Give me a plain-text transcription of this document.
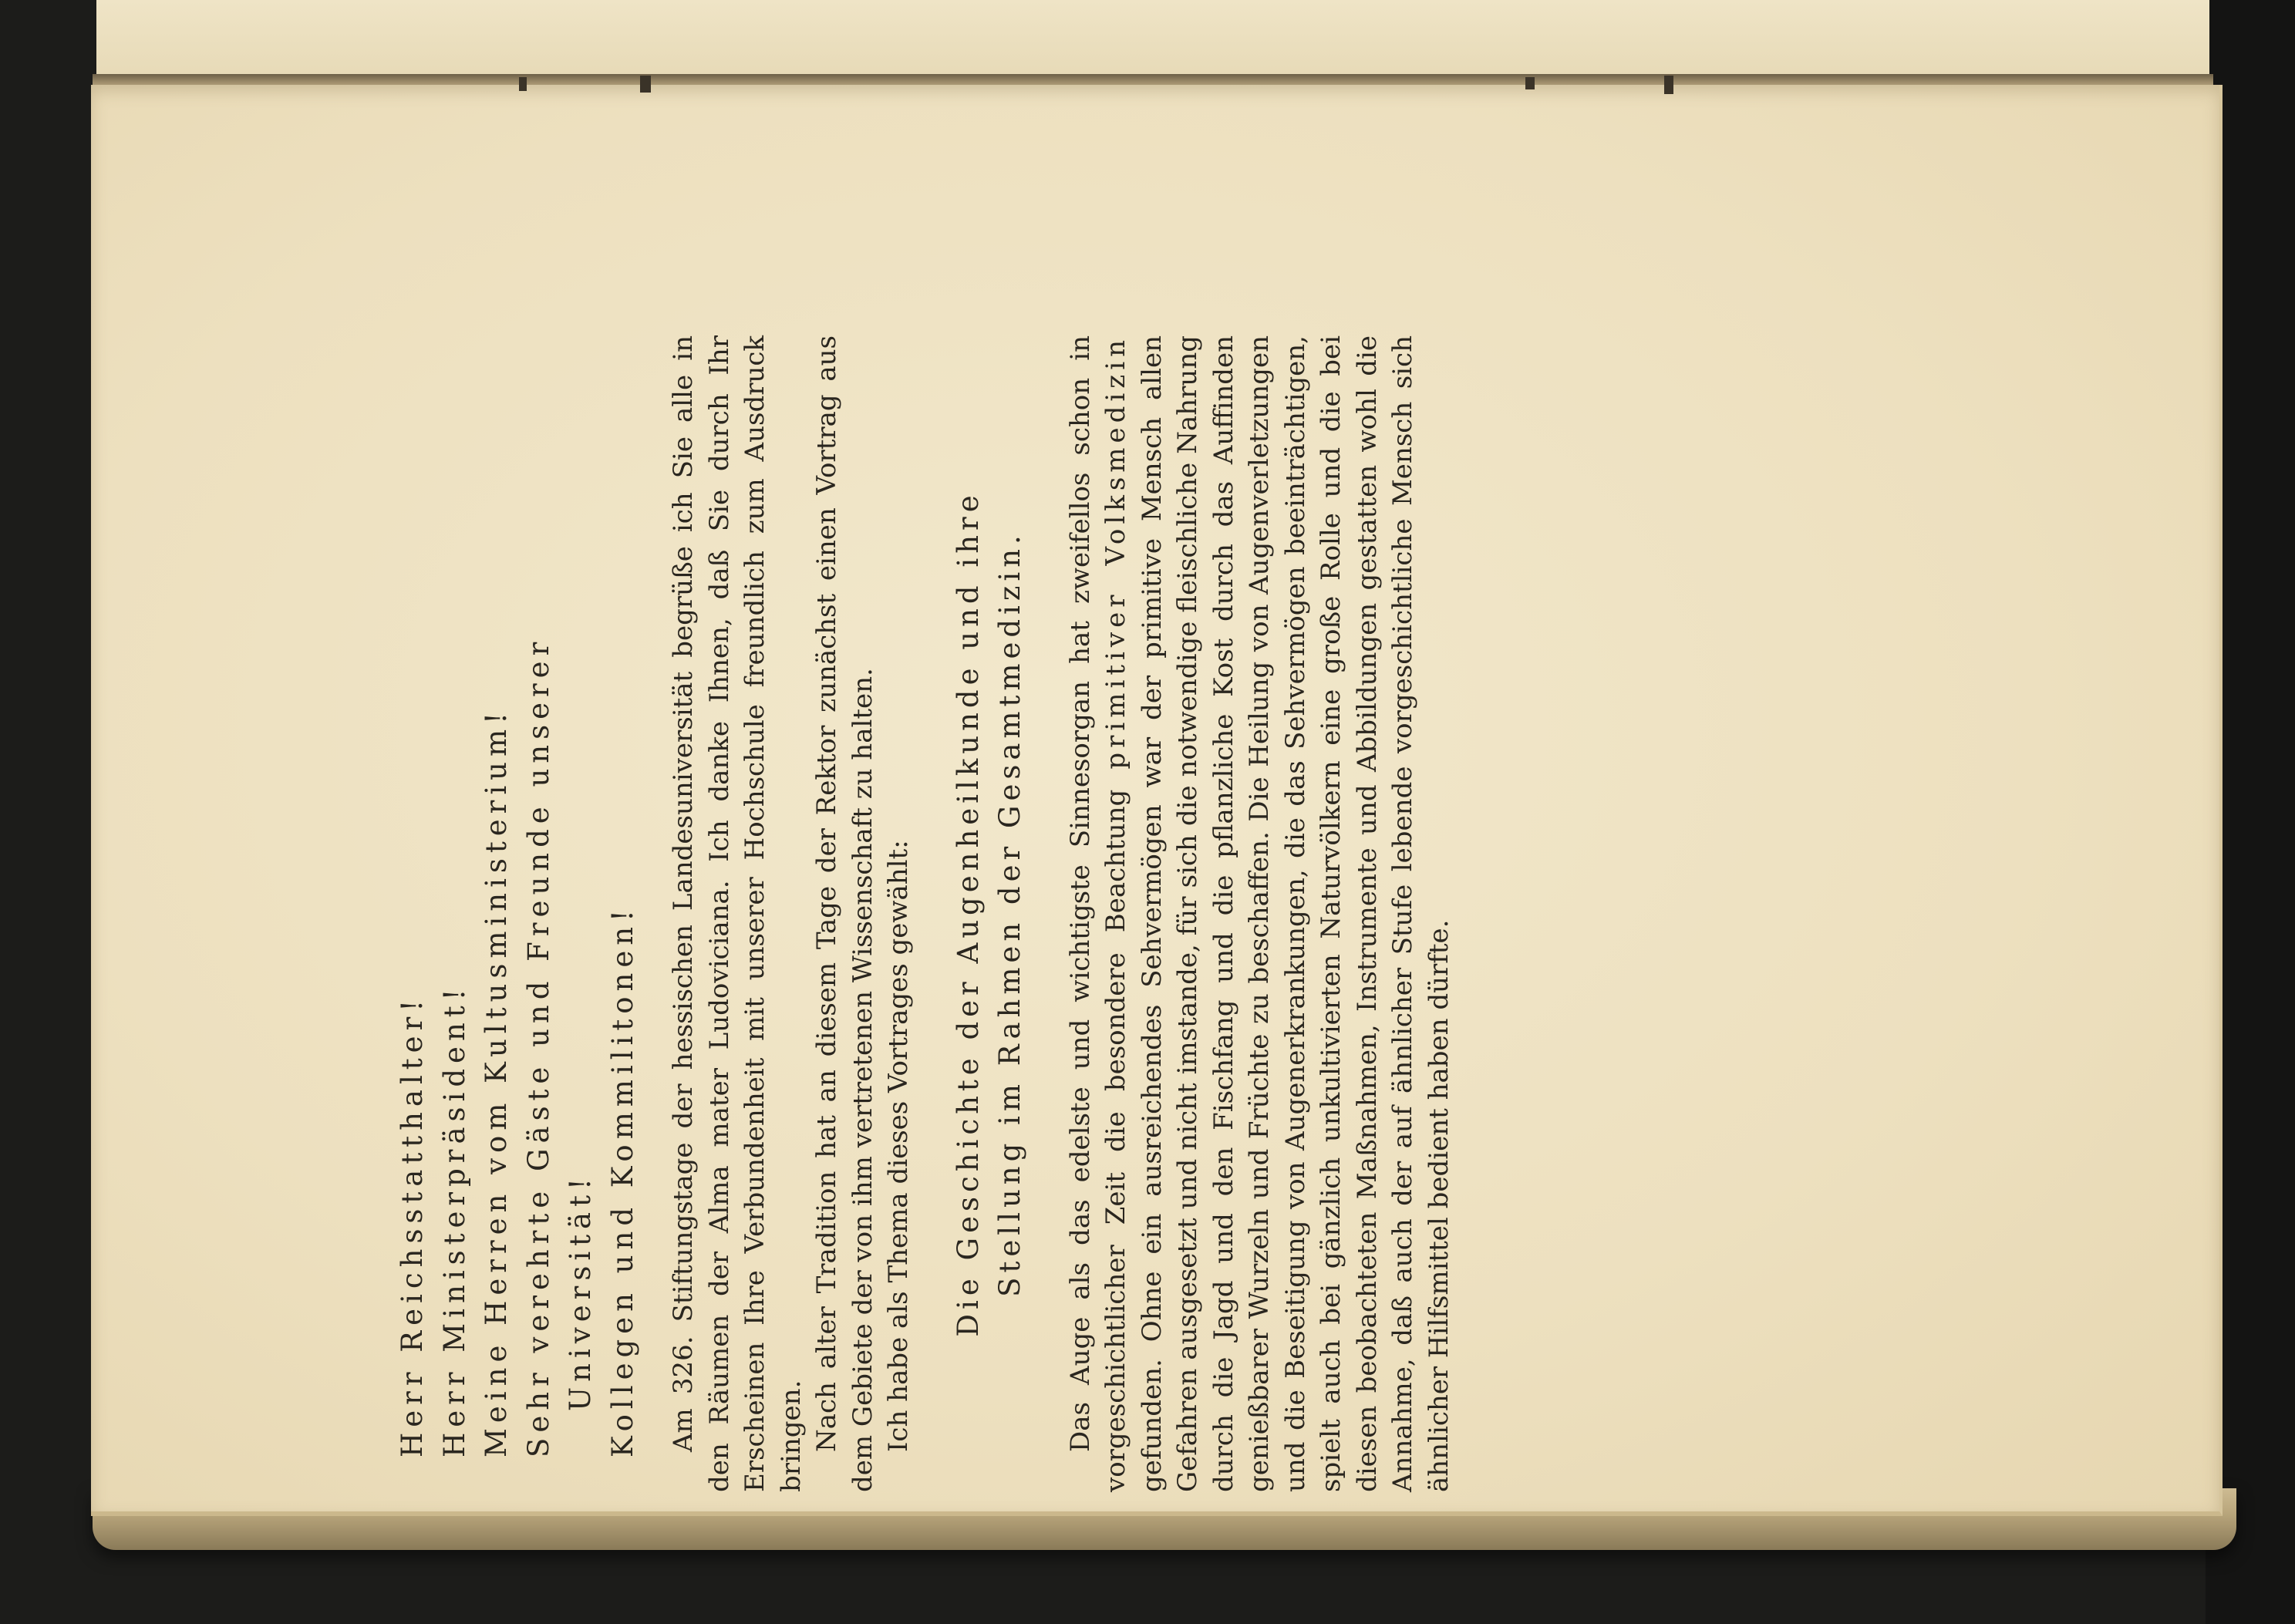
Herr Reichsstatthalter! Herr Ministerpräsident! Meine Herren vom Kultusministerium! Sehr verehrte Gäste und Freunde unserer Universität! Kollegen und Kommilitonen! Am 326. Stiftungstage der hessischen Landesuniversität begrüße ich Sie alle in den Räumen der Alma mater Ludoviciana. Ich danke Ihnen, daß Sie durch Ihr Erscheinen Ihre Verbundenheit mit unserer Hochschule freundlich zum Ausdruck bringen. Nach alter Tradition hat an diesem Tage der Rektor zunächst einen Vortrag aus dem Gebiete der von ihm vertretenen Wissenschaft zu halten. Ich habe als Thema dieses Vortrages gewählt: Die Geschichte der Augenheilkunde und ihre Stellung im Rahmen der Gesamtmedizin. Das Auge als das edelste und wichtigste Sinnesorgan hat zweifellos schon in vorgeschichtlicher Zeit die besondere Beachtung primitiver Volksmedizin gefunden. Ohne ein ausreichendes Sehvermögen war der primitive Mensch allen Gefahren ausgesetzt und nicht imstande, für sich die notwendige fleischliche Nahrung durch die Jagd und den Fischfang und die pflanzliche Kost durch das Auffinden genießbarer Wurzeln und Früchte zu beschaffen. Die Heilung von Augenverletzungen und die Beseitigung von Augenerkrankungen, die das Sehvermögen beeinträchtigen, spielt auch bei gänzlich unkultivierten Naturvölkern eine große Rolle und die bei diesen beobachteten Maßnahmen, Instrumente und Abbildungen gestatten wohl die Annahme, daß auch der auf ähnlicher Stufe lebende vorgeschichtliche Mensch sich ähnlicher Hilfsmittel bedient haben dürfte.
